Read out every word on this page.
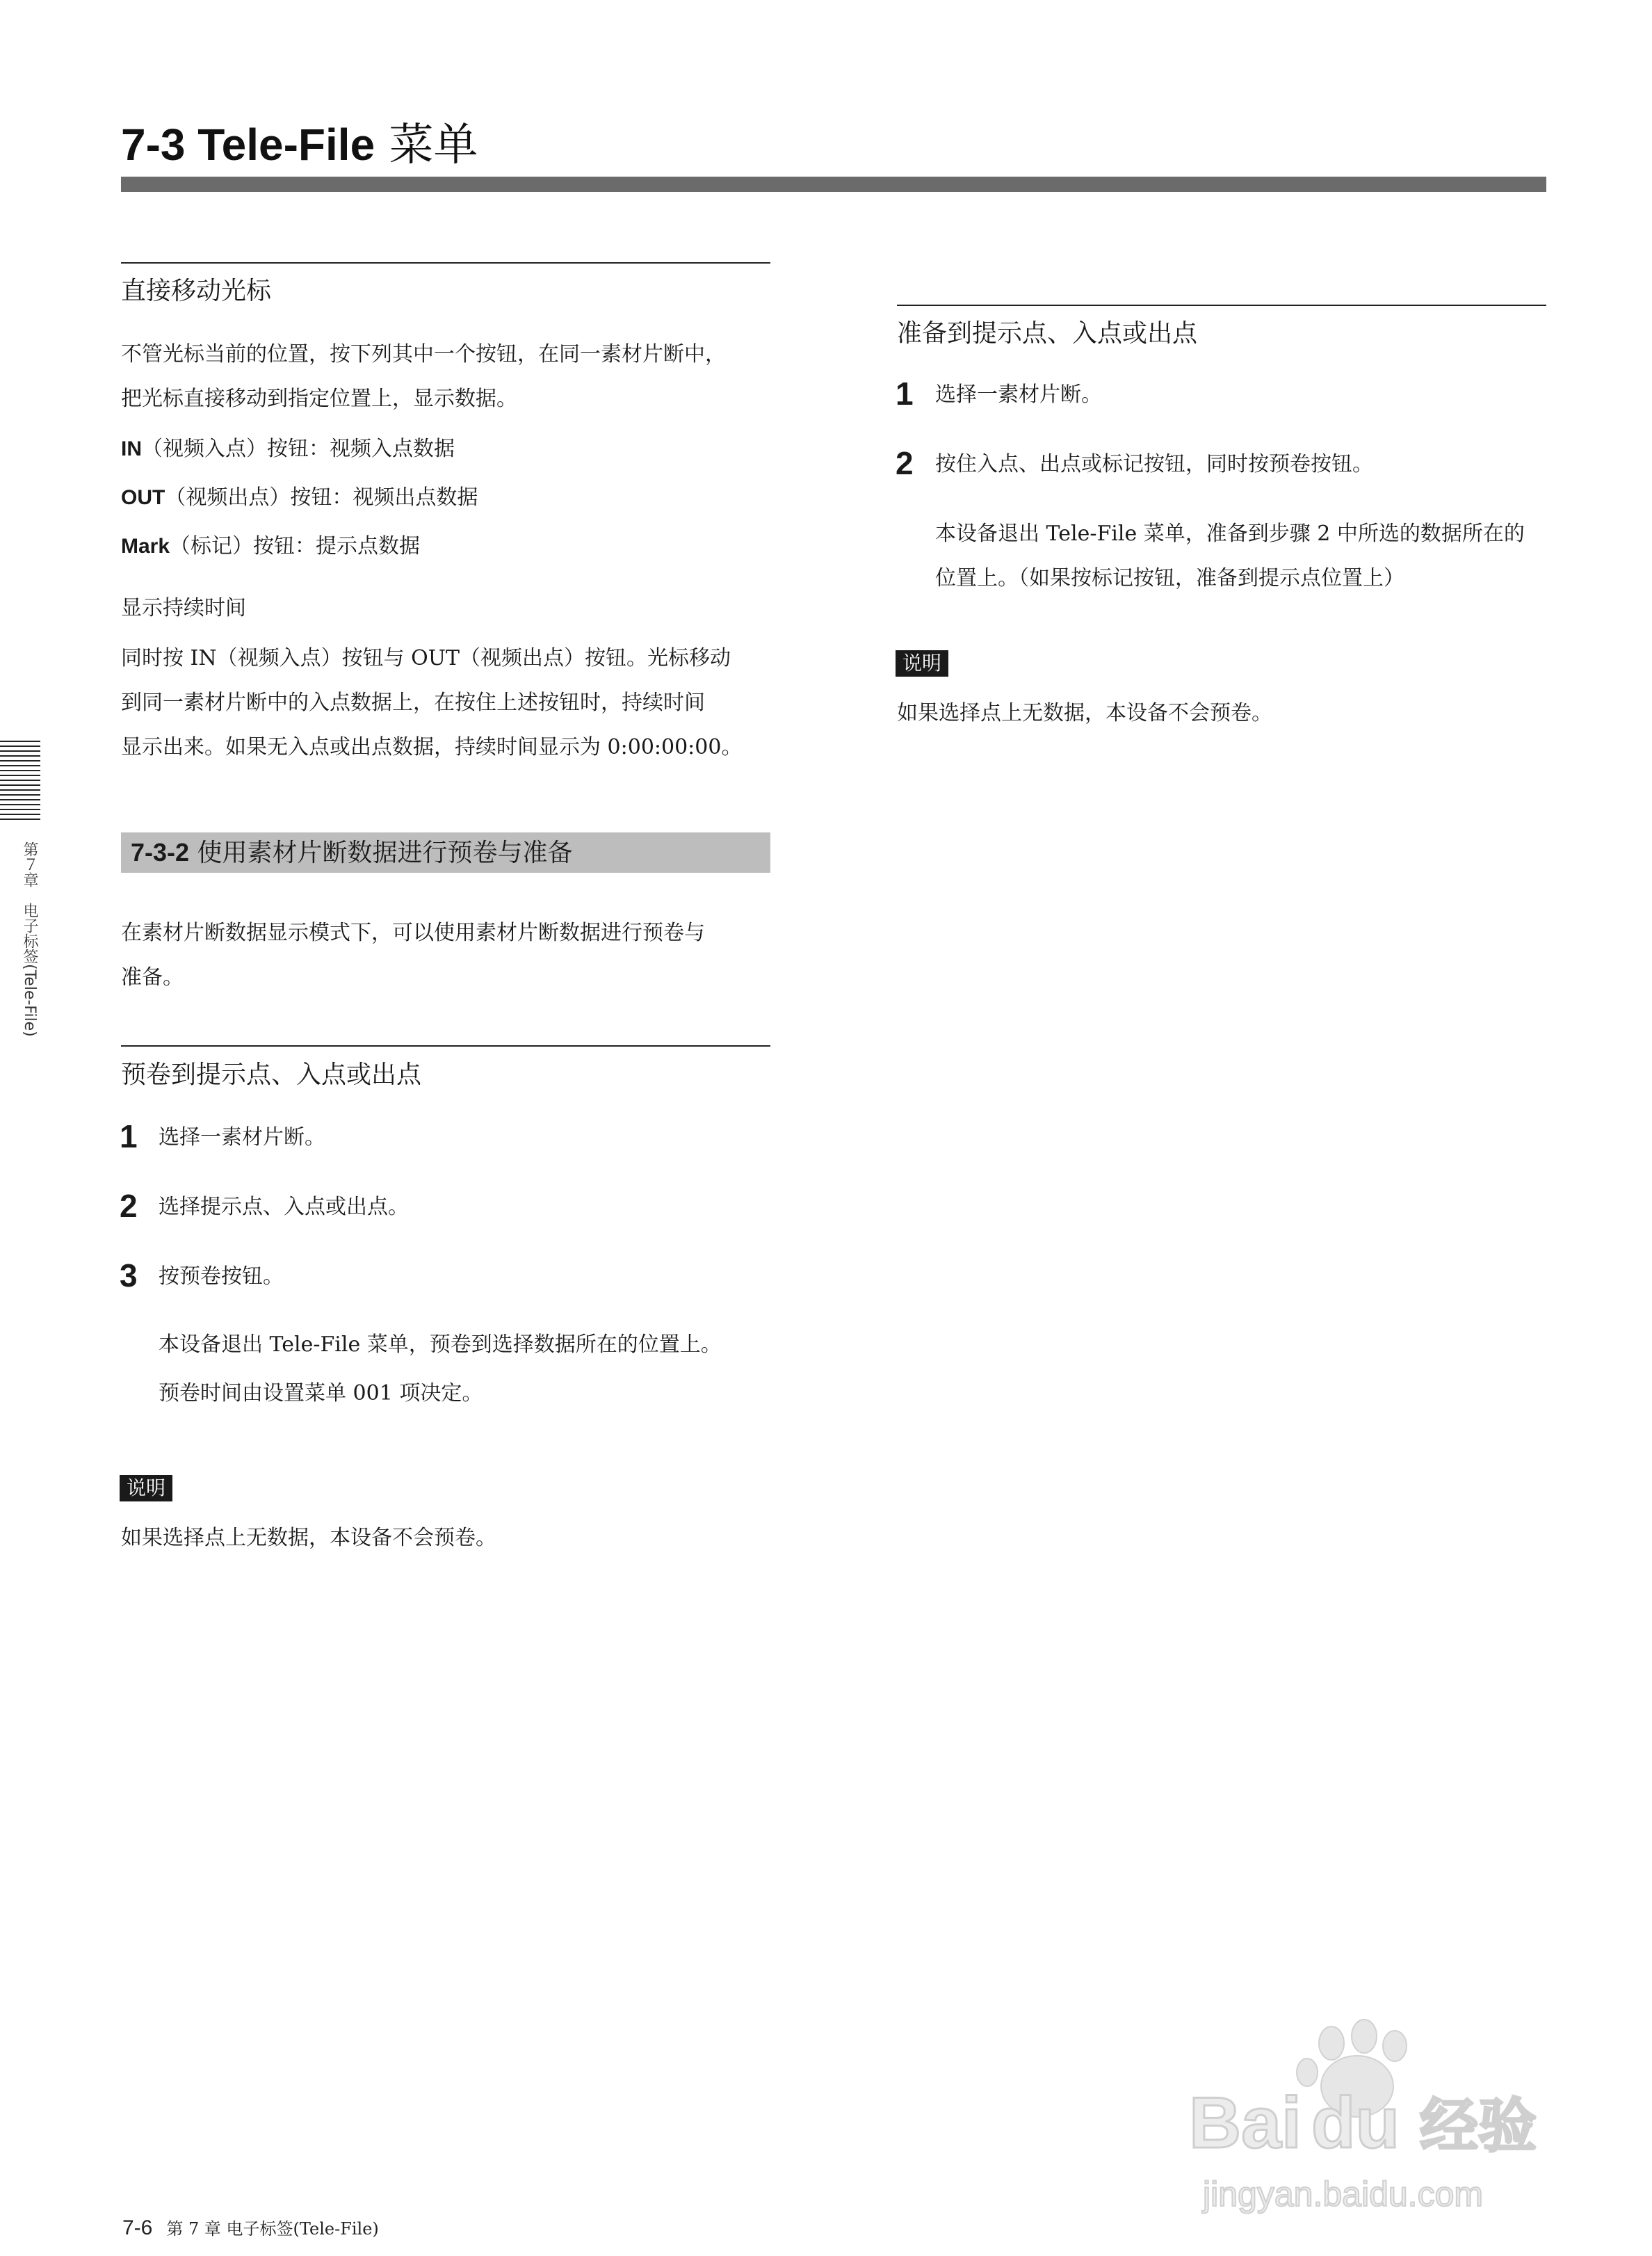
7-3 Tele-File 菜单
第７章　电子标签(Tele-File)
直接移动光标
不管光标当前的位置，按下列其中一个按钮，在同一素材片断中，
把光标直接移动到指定位置上，显示数据。
IN（视频入点）按钮：视频入点数据
OUT（视频出点）按钮：视频出点数据
Mark（标记）按钮：提示点数据
显示持续时间
同时按 IN（视频入点）按钮与 OUT（视频出点）按钮。光标移动
到同一素材片断中的入点数据上，在按住上述按钮时，持续时间
显示出来。如果无入点或出点数据，持续时间显示为 0:00:00:00。
7-3-2 使用素材片断数据进行预卷与准备
在素材片断数据显示模式下，可以使用素材片断数据进行预卷与
准备。
预卷到提示点、入点或出点
1 选择一素材片断。
2 选择提示点、入点或出点。
3 按预卷按钮。
本设备退出 Tele-File 菜单，预卷到选择数据所在的位置上。
预卷时间由设置菜单 001 项决定。
说明
如果选择点上无数据，本设备不会预卷。
准备到提示点、入点或出点
1 选择一素材片断。
2 按住入点、出点或标记按钮，同时按预卷按钮。
本设备退出 Tele-File 菜单，准备到步骤 2 中所选的数据所在的
位置上。（如果按标记按钮，准备到提示点位置上）
说明
如果选择点上无数据，本设备不会预卷。
7-6 第 7 章 电子标签(Tele-File)
Bai du 经验
jingyan.baidu.com
